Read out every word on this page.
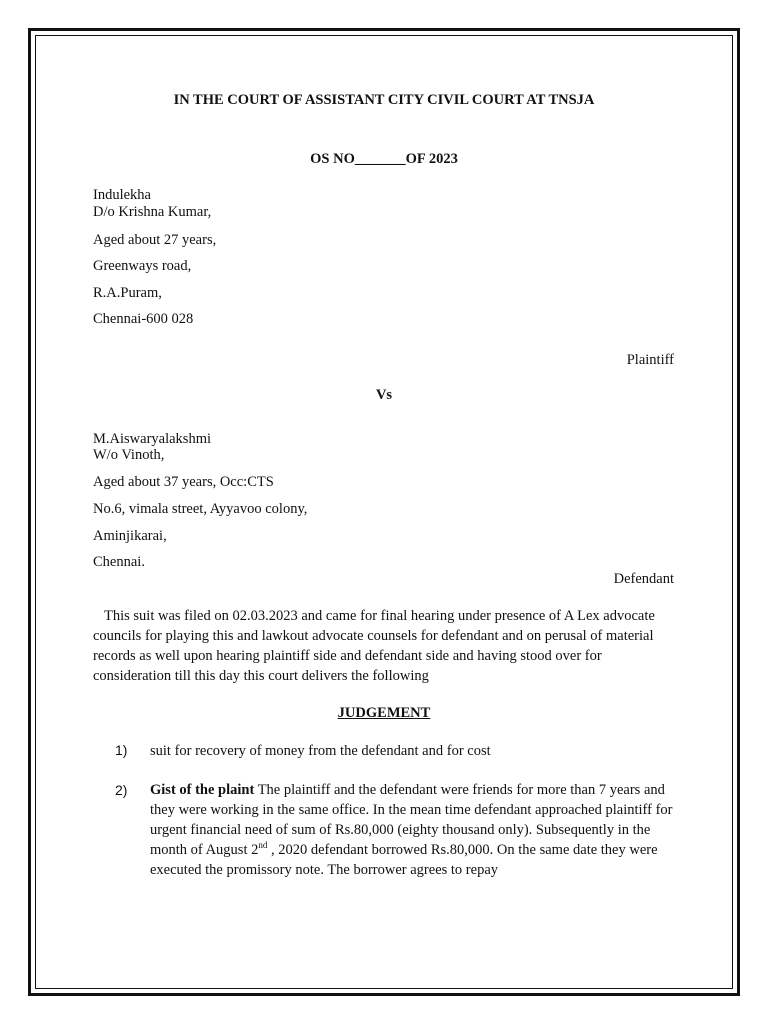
IN THE COURT OF ASSISTANT CITY CIVIL COURT AT TNSJA
OS NO_______OF 2023
Indulekha
D/o Krishna Kumar,
Aged about 27 years,
Greenways road,
R.A.Puram,
Chennai-600 028
Plaintiff
Vs
M.Aiswaryalakshmi
W/o Vinoth,
Aged about 37 years, Occ:CTS
No.6, vimala street, Ayyavoo colony,
Aminjikarai,
Chennai.
Defendant
This suit was filed on 02.03.2023 and came for final hearing under presence of A Lex advocate councils for playing this and lawkout advocate counsels for defendant and on perusal of material records as well upon hearing plaintiff side and defendant side and having stood over for consideration till this day this court delivers the following
JUDGEMENT
1) suit for recovery of money from the defendant and for cost
2) Gist of the plaint The plaintiff and the defendant were friends for more than 7 years and they were working in the same office. In the mean time defendant approached plaintiff for urgent financial need of sum of Rs.80,000 (eighty thousand only). Subsequently in the month of August 2nd , 2020 defendant borrowed Rs.80,000. On the same date they were executed the promissory note. The borrower agrees to repay
